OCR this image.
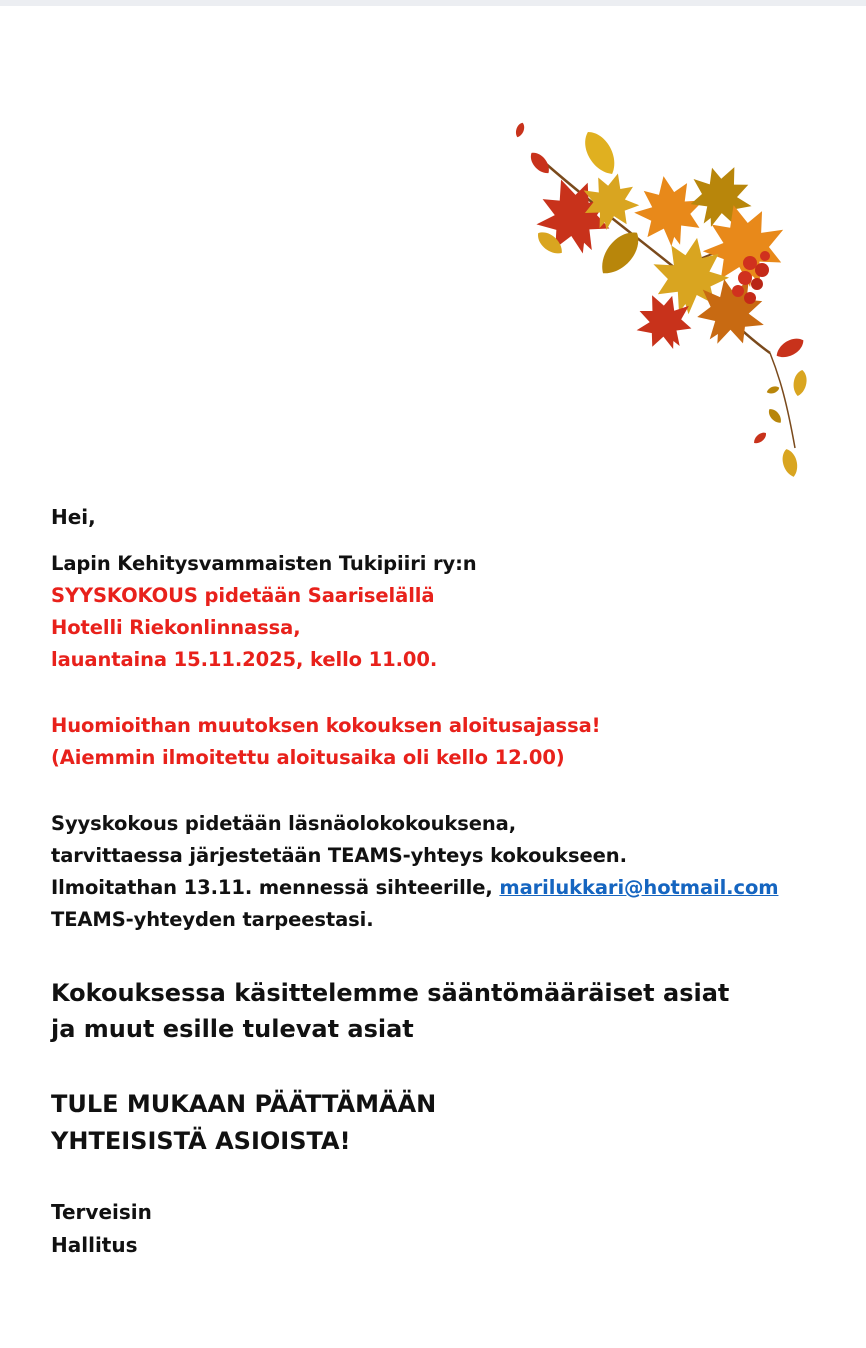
Hei,
Lapin Kehitysvammaisten Tukipiiri ry:n
SYYSKOKOUS pidetään Saariselällä
Hotelli Riekonlinnassa,
lauantaina 15.11.2025, kello 11.00.
Huomioithan muutoksen kokouksen aloitusajassa!
(Aiemmin ilmoitettu aloitusaika oli kello 12.00)
Syyskokous pidetään läsnäolokokouksena,
tarvittaessa järjestetään TEAMS-yhteys kokoukseen.
Ilmoitathan 13.11. mennessä sihteerille, marilukkari@hotmail.com
TEAMS-yhteyden tarpeestasi.
Kokouksessa käsittelemme sääntömääräiset asiat
ja muut esille tulevat asiat
TULE MUKAAN PÄÄTTÄMÄÄN
YHTEISISTÄ ASIOISTA!
Terveisin
Hallitus
